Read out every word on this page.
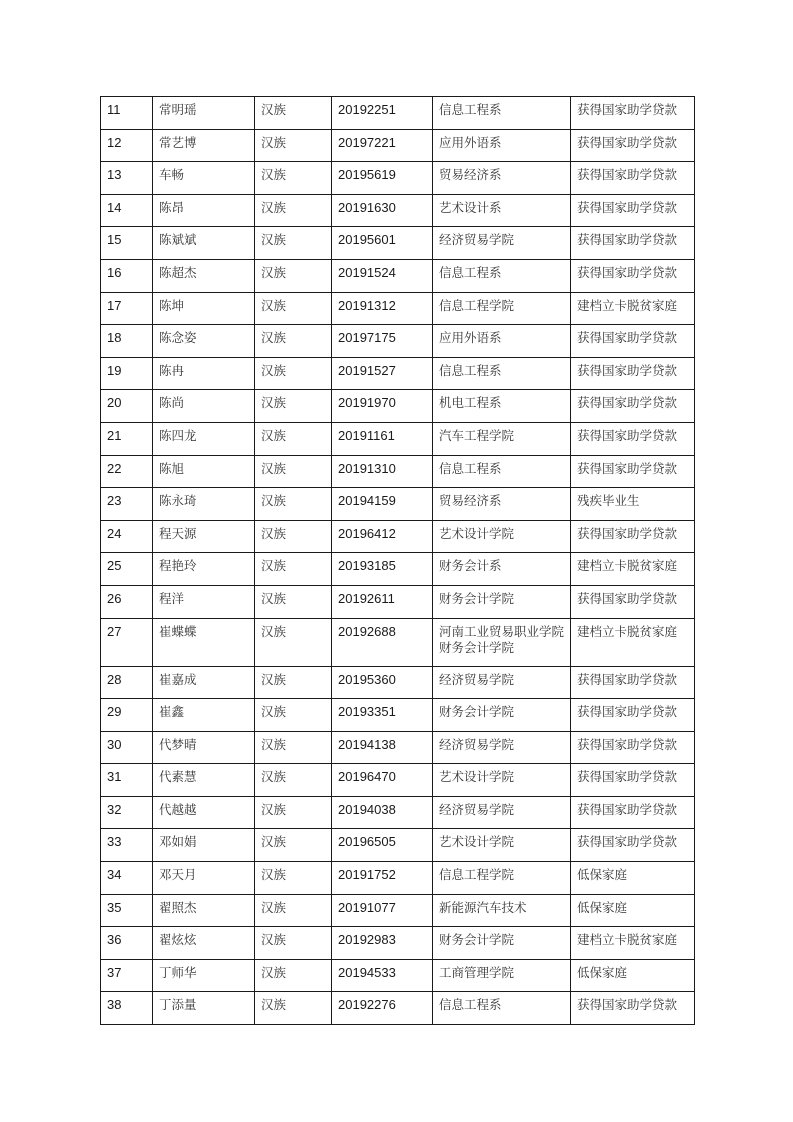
11	常明瑶	汉族	20192251	信息工程系	获得国家助学贷款
12	常艺博	汉族	20197221	应用外语系	获得国家助学贷款
13	车畅	汉族	20195619	贸易经济系	获得国家助学贷款
14	陈昂	汉族	20191630	艺术设计系	获得国家助学贷款
15	陈斌斌	汉族	20195601	经济贸易学院	获得国家助学贷款
16	陈超杰	汉族	20191524	信息工程系	获得国家助学贷款
17	陈坤	汉族	20191312	信息工程学院	建档立卡脱贫家庭
18	陈念姿	汉族	20197175	应用外语系	获得国家助学贷款
19	陈冉	汉族	20191527	信息工程系	获得国家助学贷款
20	陈尚	汉族	20191970	机电工程系	获得国家助学贷款
21	陈四龙	汉族	20191161	汽车工程学院	获得国家助学贷款
22	陈旭	汉族	20191310	信息工程系	获得国家助学贷款
23	陈永琦	汉族	20194159	贸易经济系	残疾毕业生
24	程天源	汉族	20196412	艺术设计学院	获得国家助学贷款
25	程艳玲	汉族	20193185	财务会计系	建档立卡脱贫家庭
26	程洋	汉族	20192611	财务会计学院	获得国家助学贷款
27	崔蝶蝶	汉族	20192688	河南工业贸易职业学院财务会计学院	建档立卡脱贫家庭
28	崔嘉成	汉族	20195360	经济贸易学院	获得国家助学贷款
29	崔鑫	汉族	20193351	财务会计学院	获得国家助学贷款
30	代梦晴	汉族	20194138	经济贸易学院	获得国家助学贷款
31	代素慧	汉族	20196470	艺术设计学院	获得国家助学贷款
32	代越越	汉族	20194038	经济贸易学院	获得国家助学贷款
33	邓如娟	汉族	20196505	艺术设计学院	获得国家助学贷款
34	邓天月	汉族	20191752	信息工程学院	低保家庭
35	翟照杰	汉族	20191077	新能源汽车技术	低保家庭
36	翟炫炫	汉族	20192983	财务会计学院	建档立卡脱贫家庭
37	丁师华	汉族	20194533	工商管理学院	低保家庭
38	丁添量	汉族	20192276	信息工程系	获得国家助学贷款
